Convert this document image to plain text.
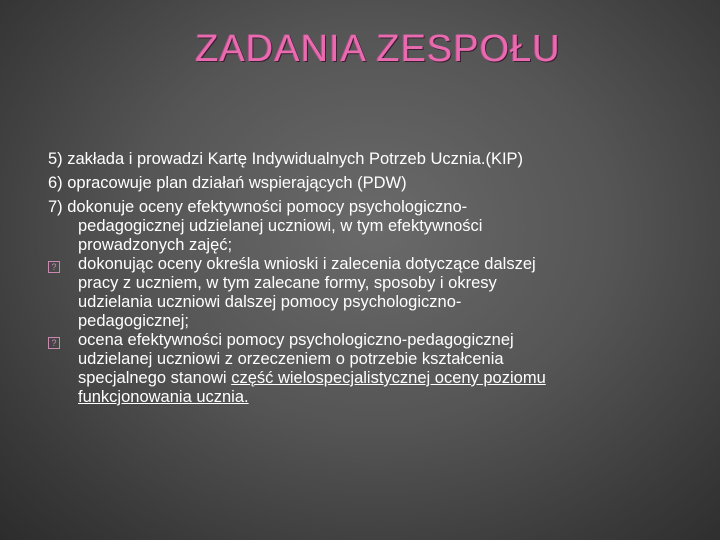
ZADANIA ZESPOŁU
5) zakłada i prowadzi Kartę Indywidualnych Potrzeb Ucznia.(KIP)
6) opracowuje plan działań wspierających (PDW)
7) dokonuje oceny efektywności pomocy psychologiczno-
pedagogicznej udzielanej uczniowi, w tym efektywności
prowadzonych zajęć;
? dokonując oceny określa wnioski i zalecenia dotyczące dalszej
pracy z uczniem, w tym zalecane formy, sposoby i okresy
udzielania uczniowi dalszej pomocy psychologiczno-
pedagogicznej;
? ocena efektywności pomocy psychologiczno-pedagogicznej
udzielanej uczniowi z orzeczeniem o potrzebie kształcenia
specjalnego stanowi część wielospecjalistycznej oceny poziomu
funkcjonowania ucznia.
